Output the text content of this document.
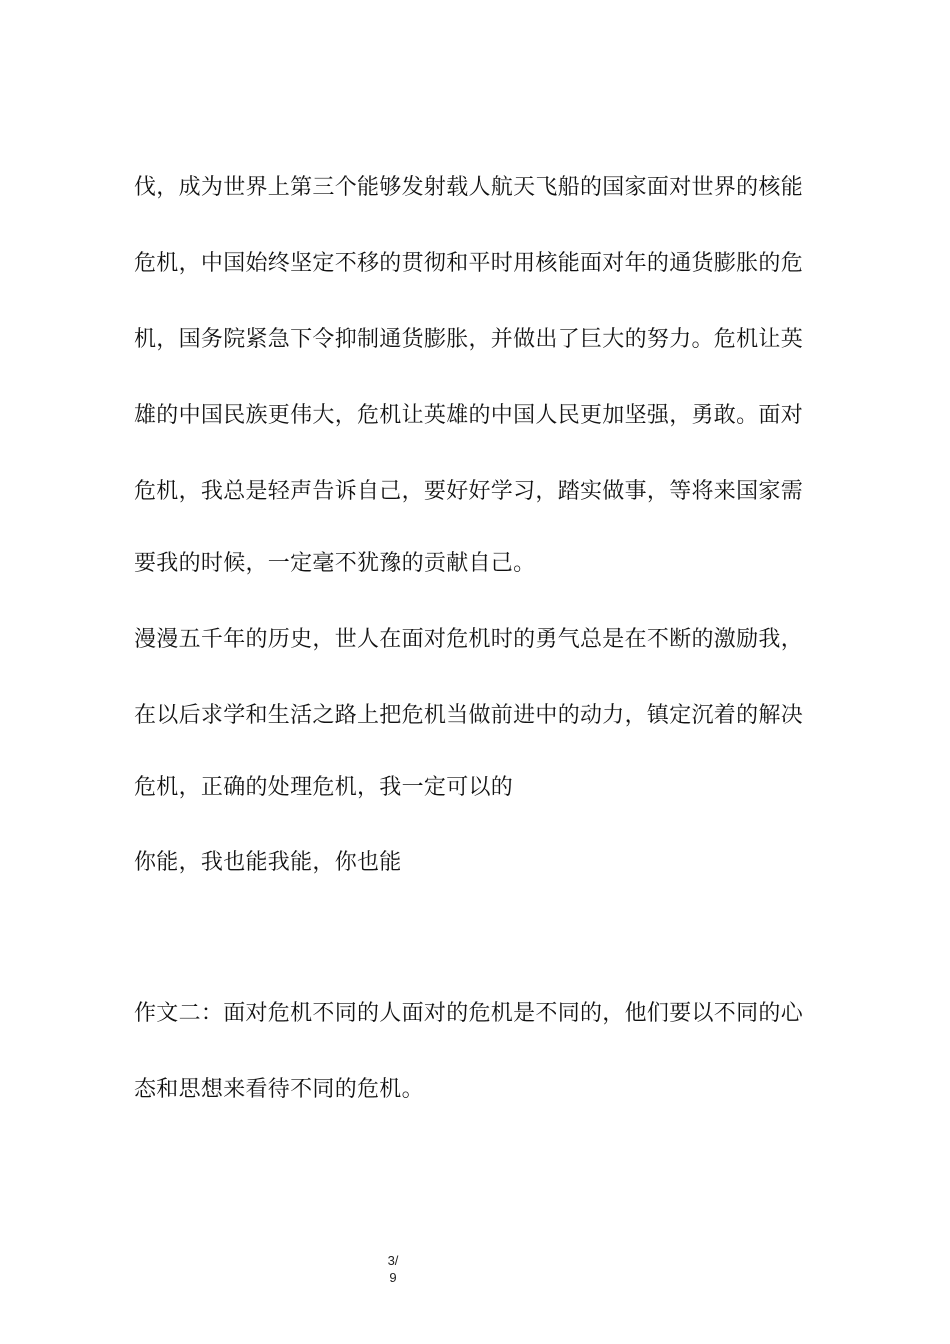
伐，成为世界上第三个能够发射载人航天飞船的国家面对世界的核能
危机，中国始终坚定不移的贯彻和平时用核能面对年的通货膨胀的危
机，国务院紧急下令抑制通货膨胀，并做出了巨大的努力。危机让英
雄的中国民族更伟大，危机让英雄的中国人民更加坚强，勇敢。面对
危机，我总是轻声告诉自己，要好好学习，踏实做事，等将来国家需
要我的时候，一定毫不犹豫的贡献自己。
漫漫五千年的历史，世人在面对危机时的勇气总是在不断的激励我，
在以后求学和生活之路上把危机当做前进中的动力，镇定沉着的解决
危机，正确的处理危机，我一定可以的
你能，我也能我能，你也能
作文二：面对危机不同的人面对的危机是不同的，他们要以不同的心
态和思想来看待不同的危机。
3/
9
